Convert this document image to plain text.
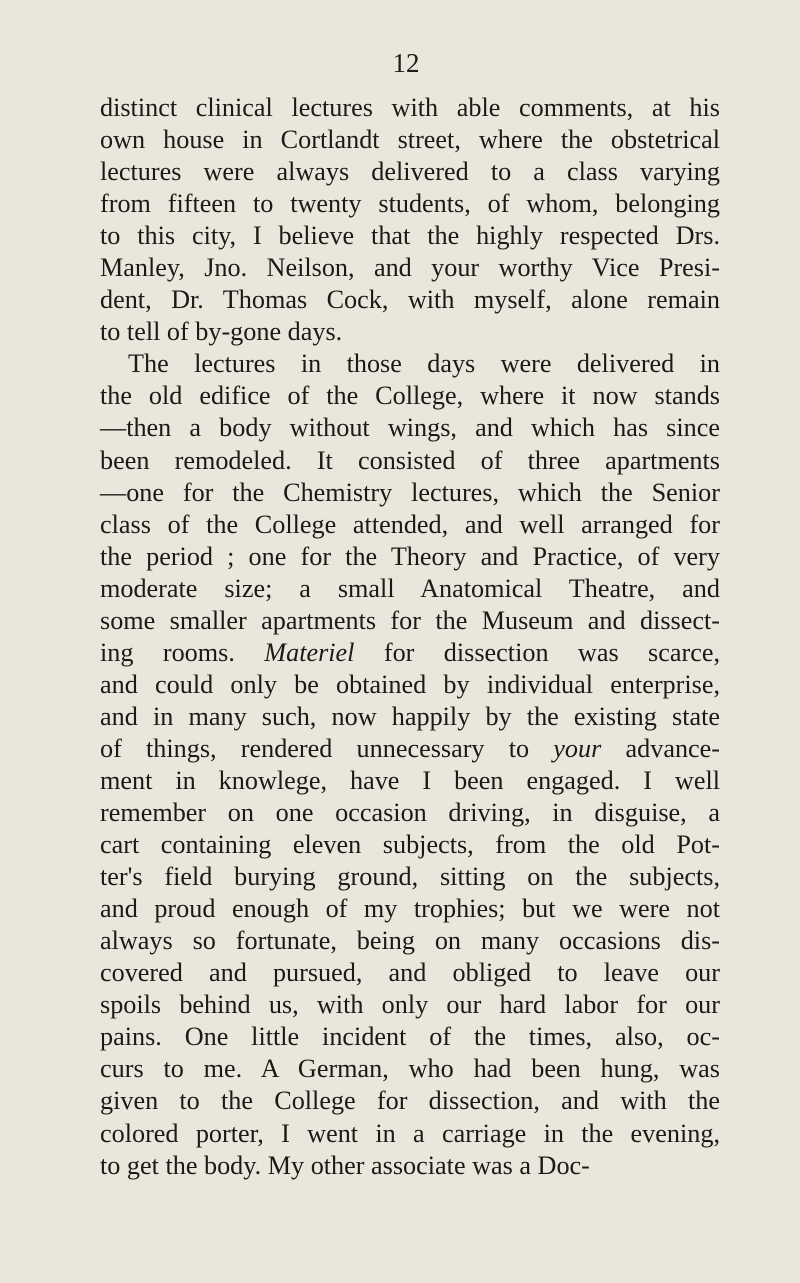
12
distinct clinical lectures with able comments, at his
own house in Cortlandt street, where the obstetrical
lectures were always delivered to a class varying
from fifteen to twenty students, of whom, belonging
to this city, I believe that the highly respected Drs.
Manley, Jno. Neilson, and your worthy Vice Presi-
dent, Dr. Thomas Cock, with myself, alone remain
to tell of by-gone days.
The lectures in those days were delivered in
the old edifice of the College, where it now stands
—then a body without wings, and which has since
been remodeled. It consisted of three apartments
—one for the Chemistry lectures, which the Senior
class of the College attended, and well arranged for
the period ; one for the Theory and Practice, of very
moderate size; a small Anatomical Theatre, and
some smaller apartments for the Museum and dissect-
ing rooms. Materiel for dissection was scarce,
and could only be obtained by individual enterprise,
and in many such, now happily by the existing state
of things, rendered unnecessary to your advance-
ment in knowlege, have I been engaged. I well
remember on one occasion driving, in disguise, a
cart containing eleven subjects, from the old Pot-
ter's field burying ground, sitting on the subjects,
and proud enough of my trophies; but we were not
always so fortunate, being on many occasions dis-
covered and pursued, and obliged to leave our
spoils behind us, with only our hard labor for our
pains. One little incident of the times, also, oc-
curs to me. A German, who had been hung, was
given to the College for dissection, and with the
colored porter, I went in a carriage in the evening,
to get the body. My other associate was a Doc-
